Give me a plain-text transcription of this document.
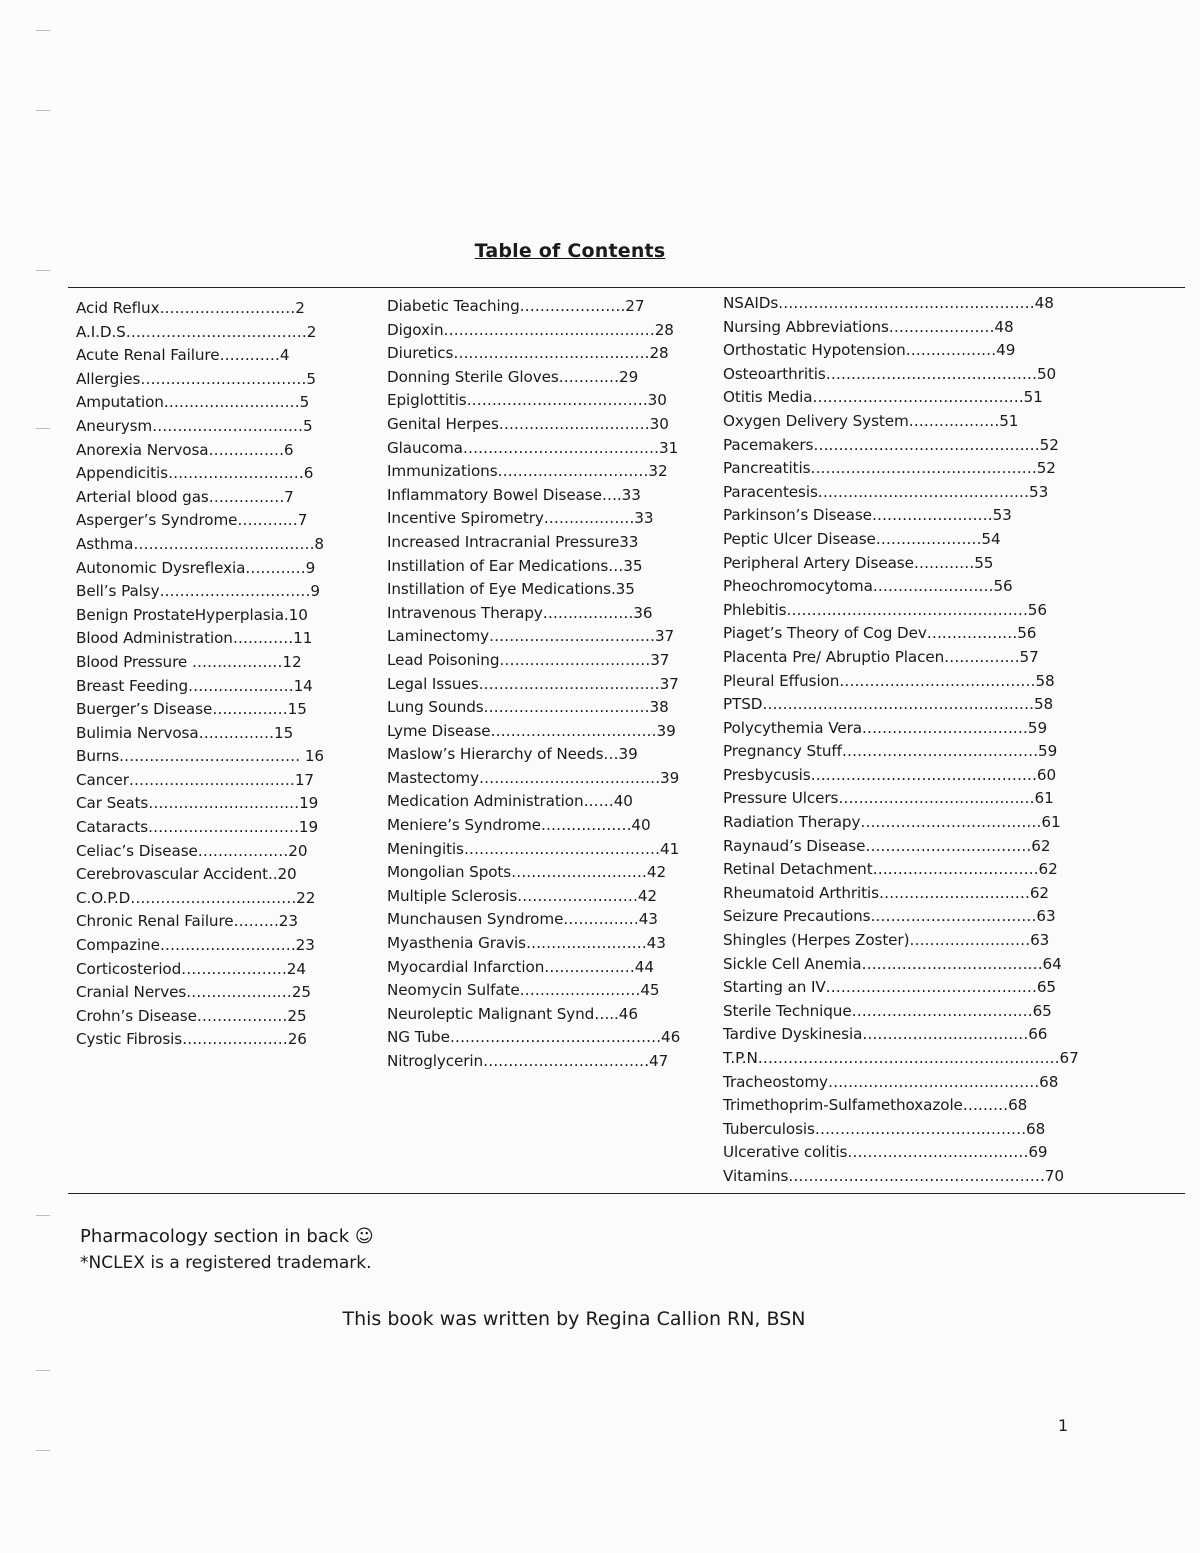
Table of Contents
Acid Reflux………………………2
A.I.D.S………………………………2
Acute Renal Failure…………4
Allergies……………………………5
Amputation………………………5
Aneurysm…………………………5
Anorexia Nervosa……………6
Appendicitis………………………6
Arterial blood gas……………7
Asperger’s Syndrome…………7
Asthma………………………………8
Autonomic Dysreflexia…………9
Bell’s Palsy…………………………9
Benign ProstateHyperplasia.10
Blood Administration…………11
Blood Pressure ………………12
Breast Feeding…………………14
Buerger’s Disease……………15
Bulimia Nervosa……………15
Burns……………………………… 16
Cancer……………………………17
Car Seats…………………………19
Cataracts…………………………19
Celiac’s Disease………………20
Cerebrovascular Accident..20
C.O.P.D……………………………22
Chronic Renal Failure………23
Compazine………………………23
Corticosteriod…………………24
Cranial Nerves…………………25
Crohn’s Disease………………25
Cystic Fibrosis…………………26
Diabetic Teaching…………………27
Digoxin……………………………………28
Diuretics…………………………………28
Donning Sterile Gloves…………29
Epiglottitis………………………………30
Genital Herpes…………………………30
Glaucoma…………………………………31
Immunizations…………………………32
Inflammatory Bowel Disease….33
Incentive Spirometry………………33
Increased Intracranial Pressure33
Instillation of Ear Medications…35
Instillation of Eye Medications.35
Intravenous Therapy………………36
Laminectomy……………………………37
Lead Poisoning…………………………37
Legal Issues………………………………37
Lung Sounds……………………………38
Lyme Disease……………………………39
Maslow’s Hierarchy of Needs…39
Mastectomy………………………………39
Medication Administration……40
Meniere’s Syndrome………………40
Meningitis…………………………………41
Mongolian Spots………………………42
Multiple Sclerosis……………………42
Munchausen Syndrome……………43
Myasthenia Gravis……………………43
Myocardial Infarction………………44
Neomycin Sulfate……………………45
Neuroleptic Malignant Synd…..46
NG Tube……………………………………46
Nitroglycerin……………………………47
NSAIDs……………………………………………48
Nursing Abbreviations…………………48
Orthostatic Hypotension………………49
Osteoarthritis……………………………………50
Otitis Media……………………………………51
Oxygen Delivery System………………51
Pacemakers………………………………………52
Pancreatitis………………………………………52
Paracentesis……………………………………53
Parkinson’s Disease……………………53
Peptic Ulcer Disease…………………54
Peripheral Artery Disease…………55
Pheochromocytoma……………………56
Phlebitis…………………………………………56
Piaget’s Theory of Cog Dev………………56
Placenta Pre/ Abruptio Placen……………57
Pleural Effusion…………………………………58
PTSD………………………………………………58
Polycythemia Vera……………………………59
Pregnancy Stuff…………………………………59
Presbycusis………………………………………60
Pressure Ulcers…………………………………61
Radiation Therapy………………………………61
Raynaud’s Disease……………………………62
Retinal Detachment……………………………62
Rheumatoid Arthritis…………………………62
Seizure Precautions……………………………63
Shingles (Herpes Zoster)……………………63
Sickle Cell Anemia………………………………64
Starting an IV……………………………………65
Sterile Technique………………………………65
Tardive Dyskinesia……………………………66
T.P.N……………………………………………………67
Tracheostomy……………………………………68
Trimethoprim-Sulfamethoxazole………68
Tuberculosis……………………………………68
Ulcerative colitis………………………………69
Vitamins……………………………………………70
Pharmacology section in back ☺
*NCLEX is a registered trademark.
This book was written by Regina Callion RN, BSN
1
